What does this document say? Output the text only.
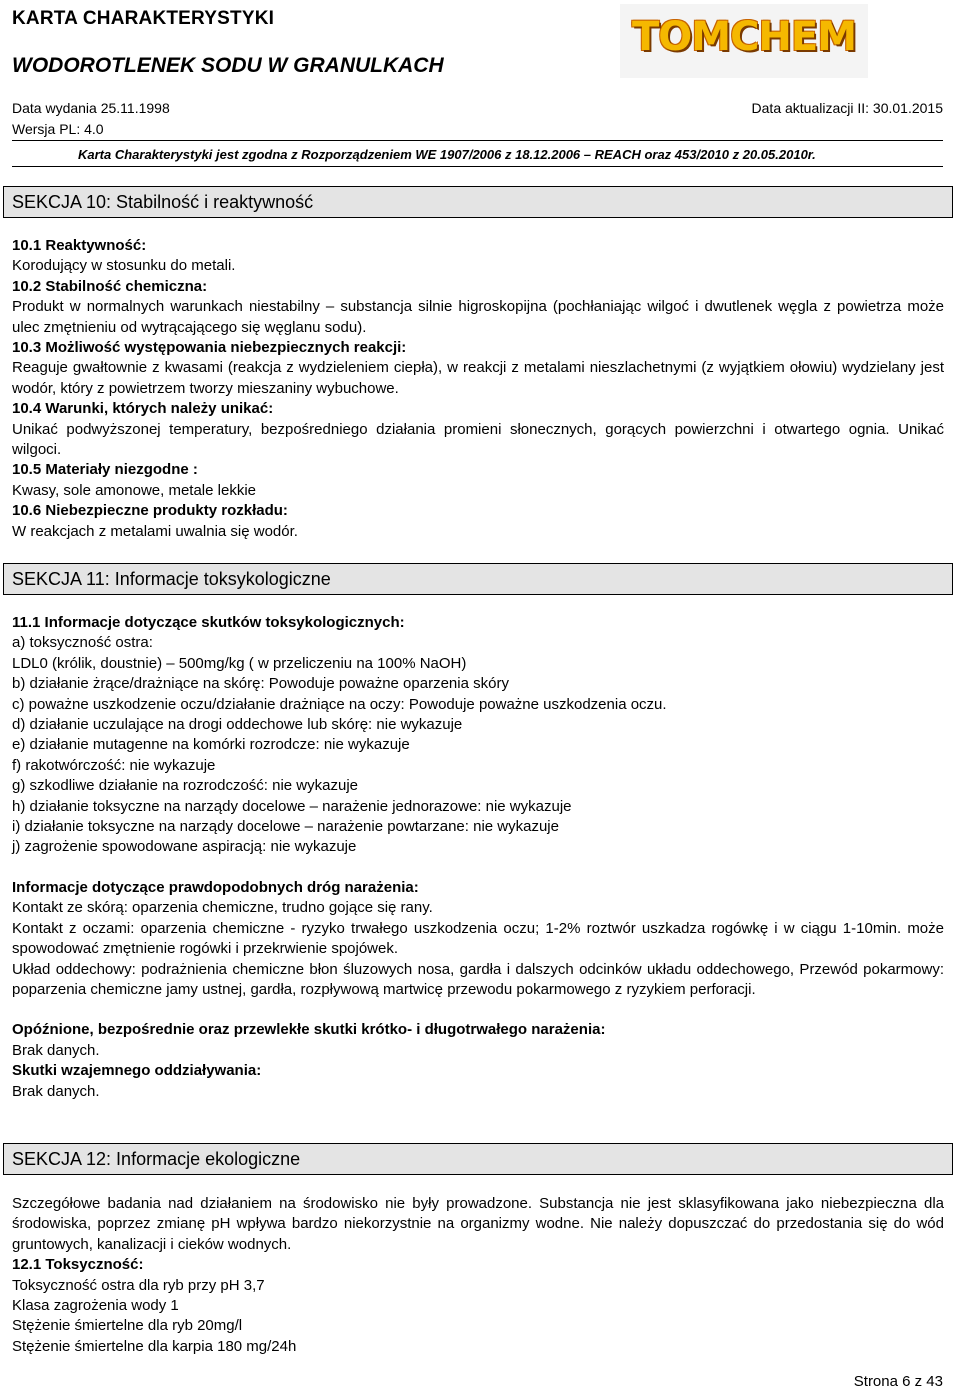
KARTA CHARAKTERYSTYKI
WODOROTLENEK SODU W GRANULKACH
TOMCHEM
Data wydania 25.11.1998	Data aktualizacji II: 30.01.2015
Wersja PL: 4.0
Karta Charakterystyki jest zgodna z Rozporządzeniem WE 1907/2006 z 18.12.2006 – REACH oraz 453/2010 z 20.05.2010r.
SEKCJA 10: Stabilność i reaktywność

10.1 Reaktywność:

Korodujący w stosunku do metali.

10.2 Stabilność chemiczna:

Produkt w normalnych warunkach niestabilny – substancja silnie higroskopijna (pochłaniając wilgoć i dwutlenek węgla z powietrza może ulec zmętnieniu od wytrącającego się węglanu sodu).

10.3 Możliwość występowania niebezpiecznych reakcji:

Reaguje gwałtownie z kwasami (reakcja z wydzieleniem ciepła), w reakcji z metalami nieszlachetnymi (z wyjątkiem ołowiu) wydzielany jest wodór, który z powietrzem tworzy mieszaniny wybuchowe.

10.4 Warunki, których należy unikać:

Unikać podwyższonej temperatury, bezpośredniego działania promieni słonecznych, gorących powierzchni i otwartego ognia. Unikać wilgoci.

10.5 Materiały niezgodne :

Kwasy, sole amonowe, metale lekkie

10.6 Niebezpieczne produkty rozkładu:

W reakcjach z metalami uwalnia się wodór.

SEKCJA 11: Informacje toksykologiczne

11.1 Informacje dotyczące skutków toksykologicznych:

a) toksyczność ostra:

LDL0 (królik, doustnie) – 500mg/kg ( w przeliczeniu na 100% NaOH)

b) działanie żrące/drażniące na skórę: Powoduje poważne oparzenia skóry

c) poważne uszkodzenie oczu/działanie drażniące na oczy: Powoduje poważne uszkodzenia oczu.

d) działanie uczulające na drogi oddechowe lub skórę: nie wykazuje

e) działanie mutagenne na komórki rozrodcze: nie wykazuje

f) rakotwórczość: nie wykazuje

g) szkodliwe działanie na rozrodczość: nie wykazuje

h) działanie toksyczne na narządy docelowe – narażenie jednorazowe: nie wykazuje

i) działanie toksyczne na narządy docelowe – narażenie powtarzane: nie wykazuje

j) zagrożenie spowodowane aspiracją: nie wykazuje

Informacje dotyczące prawdopodobnych dróg narażenia:

Kontakt ze skórą: oparzenia chemiczne, trudno gojące się rany.

Kontakt z oczami: oparzenia chemiczne - ryzyko trwałego uszkodzenia oczu; 1-2% roztwór uszkadza rogówkę i w ciągu 1-10min. może spowodować zmętnienie rogówki i przekrwienie spojówek.

Układ oddechowy: podrażnienia chemiczne błon śluzowych nosa, gardła i dalszych odcinków układu oddechowego, Przewód pokarmowy: poparzenia chemiczne jamy ustnej, gardła, rozpływową martwicę przewodu pokarmowego z ryzykiem perforacji.

Opóźnione, bezpośrednie oraz przewlekłe skutki krótko- i długotrwałego narażenia:

Brak danych.

Skutki wzajemnego oddziaływania:

Brak danych.

SEKCJA 12: Informacje ekologiczne

Szczegółowe badania nad działaniem na środowisko nie były prowadzone. Substancja nie jest sklasyfikowana jako niebezpieczna dla środowiska, poprzez zmianę pH wpływa bardzo niekorzystnie na organizmy wodne. Nie należy dopuszczać do przedostania się do wód gruntowych, kanalizacji i cieków wodnych.

12.1 Toksyczność:

Toksyczność ostra dla ryb przy pH 3,7

Klasa zagrożenia wody 1

Stężenie śmiertelne dla ryb 20mg/l

Stężenie śmiertelne dla karpia 180 mg/24h

Strona 6 z 43
